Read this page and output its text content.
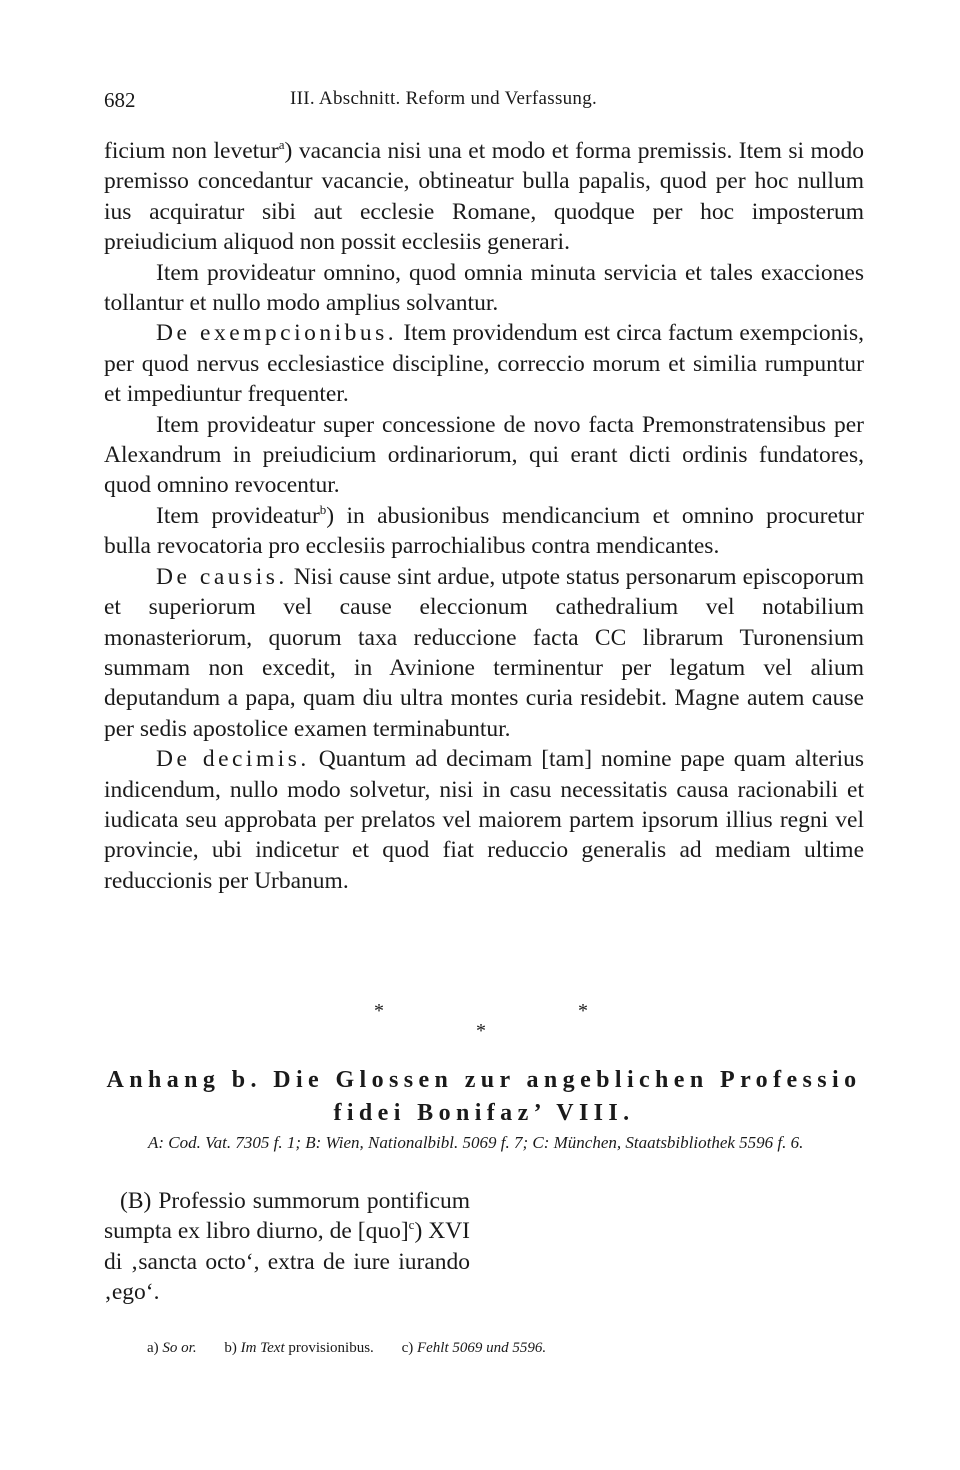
682	III. Abschnitt. Reform und Verfassung.

ficium non levetur$^a$) vacancia nisi una et modo et forma premissis. Item si modo premisso concedantur vacancie, obtineatur bulla papalis, quod per hoc nullum ius acquiratur sibi aut ecclesie Romane, quodque per hoc imposterum preiudicium aliquod non possit ecclesiis generari.

Item provideatur omnino, quod omnia minuta servicia et tales exacciones tollantur et nullo modo amplius solvantur.

De exempcionibus. Item providendum est circa factum exempcionis, per quod nervus ecclesiastice discipline, correccio morum et similia rumpuntur et impediuntur frequenter.

Item provideatur super concessione de novo facta Premonstratensibus per Alexandrum in preiudicium ordinariorum, qui erant dicti ordinis fundatores, quod omnino revocentur.

Item provideatur$^b$) in abusionibus mendicancium et omnino procuretur bulla revocatoria pro ecclesiis parrochialibus contra mendicantes.

De causis. Nisi cause sint ardue, utpote status personarum episcoporum et superiorum vel cause eleccionum cathedralium vel notabilium monasteriorum, quorum taxa reduccione facta CC librarum Turonensium summam non excedit, in Avinione terminentur per legatum vel alium deputandum a papa, quam diu ultra montes curia residebit. Magne autem cause per sedis apostolice examen terminabuntur.

De decimis. Quantum ad decimam [tam] nomine pape quam alterius indicendum, nullo modo solvetur, nisi in casu necessitatis causa racionabili et iudicata seu approbata per prelatos vel maiorem partem ipsorum illius regni vel provincie, ubi indicetur et quod fiat reduccio generalis ad mediam ultime reduccionis per Urbanum.

*	*
*
Anhang b. Die Glossen zur angeblichen Professio fidei Bonifaz’ VIII.
A: Cod. Vat. 7305 f. 1; B: Wien, Nationalbibl. 5069 f. 7; C: München, Staatsbibliothek 5596 f. 6.
(B) Professio summorum pontificum sumpta ex libro diurno, de [quo]$^c$) XVI di ‚sancta octo‘, extra de iure iurando ‚ego‘.
a) So or. b) Im Text provisionibus. c) Fehlt 5069 und 5596.
